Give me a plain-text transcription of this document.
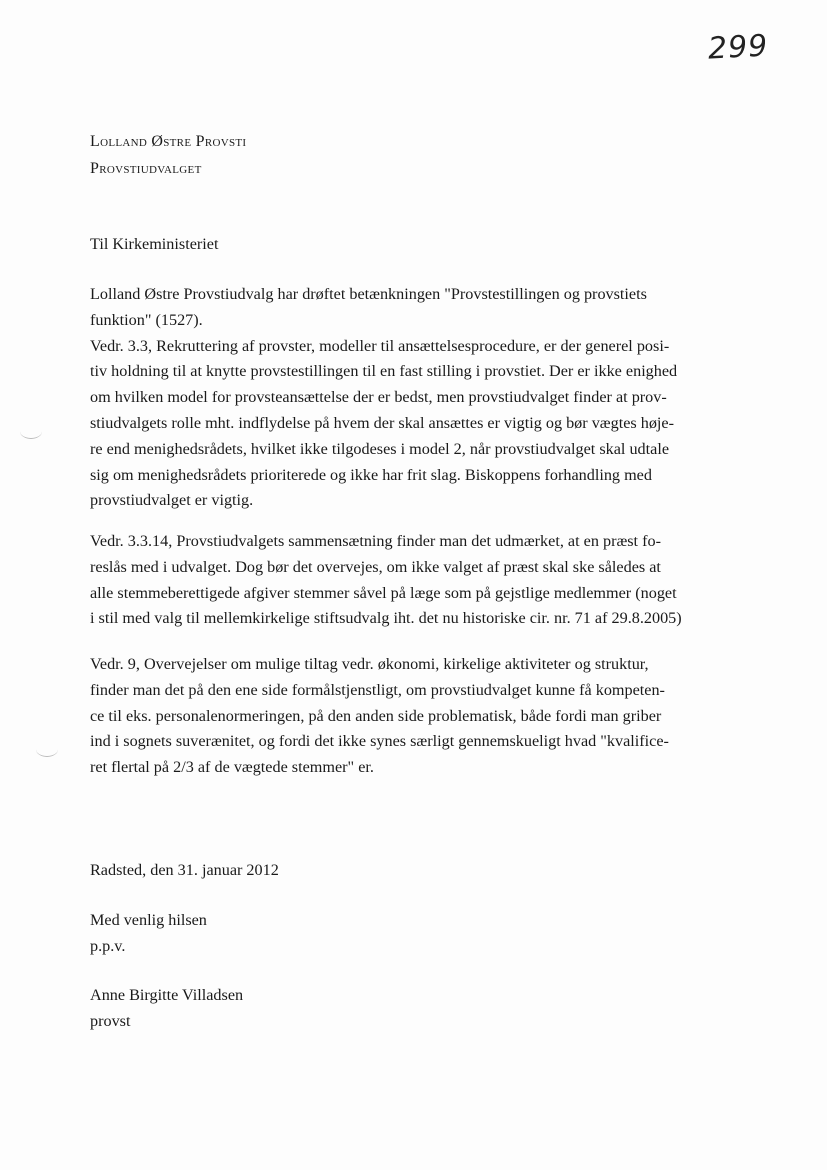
299
Lolland Østre Provsti
Provstiudvalget

Til Kirkeministeriet

Lolland Østre Provstiudvalg har drøftet betænkningen "Provstestillingen og provstiets

funktion" (1527).

Vedr. 3.3, Rekruttering af provster, modeller til ansættelsesprocedure, er der generel posi-

tiv holdning til at knytte provstestillingen til en fast stilling i provstiet. Der er ikke enighed

om hvilken model for provsteansættelse der er bedst, men provstiudvalget finder at prov-

stiudvalgets rolle mht. indflydelse på hvem der skal ansættes er vigtig og bør vægtes høje-

re end menighedsrådets, hvilket ikke tilgodeses i model 2, når provstiudvalget skal udtale

sig om menighedsrådets prioriterede og ikke har frit slag. Biskoppens forhandling med

provstiudvalget er vigtig.

Vedr. 3.3.14, Provstiudvalgets sammensætning finder man det udmærket, at en præst fo-

reslås med i udvalget. Dog bør det overvejes, om ikke valget af præst skal ske således at

alle stemmeberettigede afgiver stemmer såvel på læge som på gejstlige medlemmer (noget

i stil med valg til mellemkirkelige stiftsudvalg iht. det nu historiske cir. nr. 71 af 29.8.2005)

Vedr. 9, Overvejelser om mulige tiltag vedr. økonomi, kirkelige aktiviteter og struktur,

finder man det på den ene side formålstjenstligt, om provstiudvalget kunne få kompeten-

ce til eks. personalenormeringen, på den anden side problematisk, både fordi man griber

ind i sognets suverænitet, og fordi det ikke synes særligt gennemskueligt hvad "kvalifice-

ret flertal på 2/3 af de vægtede stemmer" er.

Radsted, den 31. januar 2012

Med venlig hilsen

p.p.v.

Anne Birgitte Villadsen

provst
